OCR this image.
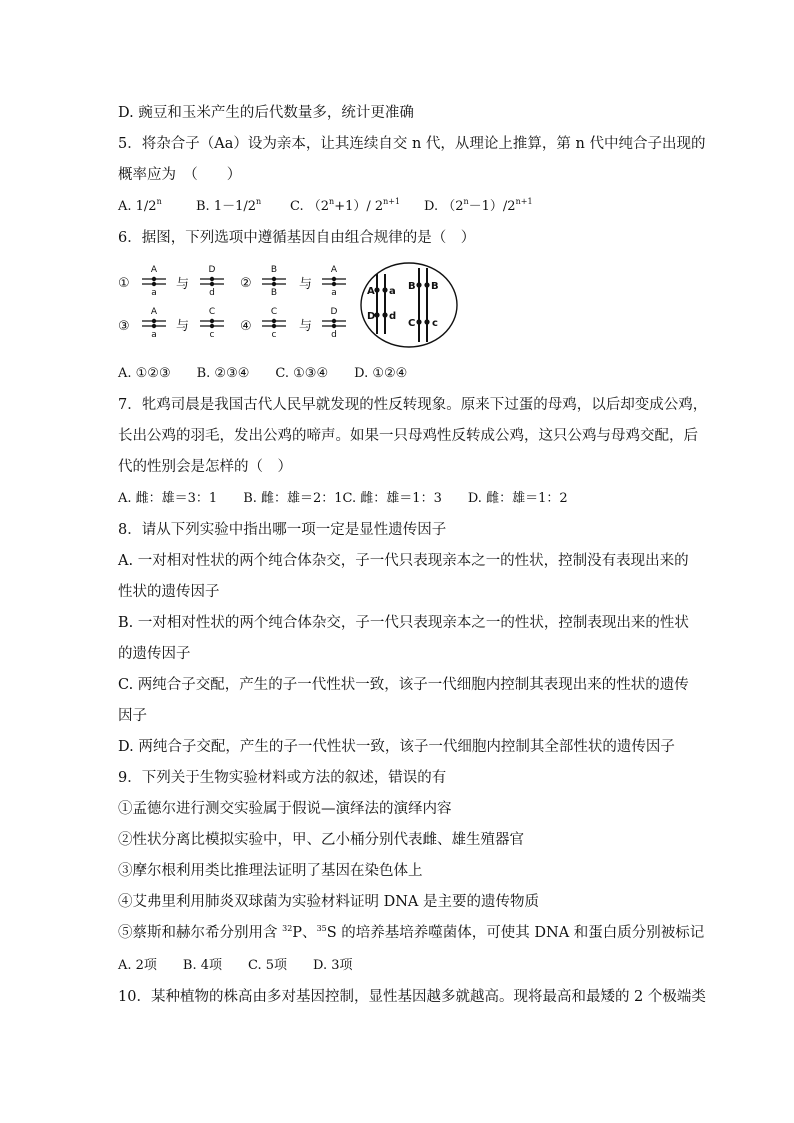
D. 豌豆和玉米产生的后代数量多，统计更准确
5．将杂合子（Aa）设为亲本，让其连续自交 n 代，从理论上推算，第 n 代中纯合子出现的
概率应为　（　　）
A. 1/2$^n$	B. $1-1/2^n$ C. $(2^n+1)/$ $2^{n+1}$ D. $(2^n-1)/2^{n+1}$
6．据图，下列选项中遵循基因自由组合规律的是（　）
①
③
②
④
与
与
与
与
A
a
D
d
B
B
A
a
A
a
C
c
C
c
D
d
A a
D d
B B
C c
A. ①②③　　B. ②③④　　C. ①③④　　D. ①②④
7．牝鸡司晨是我国古代人民早就发现的性反转现象。原来下过蛋的母鸡，以后却变成公鸡，
长出公鸡的羽毛，发出公鸡的啼声。如果一只母鸡性反转成公鸡，这只公鸡与母鸡交配，后
代的性别会是怎样的（　）
A. 雌：雄＝3：1　　B. 雌：雄＝2：1C. 雌：雄＝1：3　　D. 雌：雄＝1：2
8．请从下列实验中指出哪一项一定是显性遗传因子
A. 一对相对性状的两个纯合体杂交，子一代只表现亲本之一的性状，控制没有表现出来的
性状的遗传因子
B. 一对相对性状的两个纯合体杂交，子一代只表现亲本之一的性状，控制表现出来的性状
的遗传因子
C. 两纯合子交配，产生的子一代性状一致，该子一代细胞内控制其表现出来的性状的遗传
因子
D. 两纯合子交配，产生的子一代性状一致，该子一代细胞内控制其全部性状的遗传因子
9．下列关于生物实验材料或方法的叙述，错误的有
①孟德尔进行测交实验属于假说—演绎法的演绎内容
②性状分离比模拟实验中，甲、乙小桶分别代表雌、雄生殖器官
③摩尔根利用类比推理法证明了基因在染色体上
④艾弗里利用肺炎双球菌为实验材料证明 DNA 是主要的遗传物质
⑤蔡斯和赫尔希分别用含 $^{32}$P、$^{35}$S 的培养基培养噬菌体，可使其 DNA 和蛋白质分别被标记
A. 2项　　B. 4项　　C. 5项　　D. 3项
10．某种植物的株高由多对基因控制，显性基因越多就越高。现将最高和最矮的 2 个极端类
